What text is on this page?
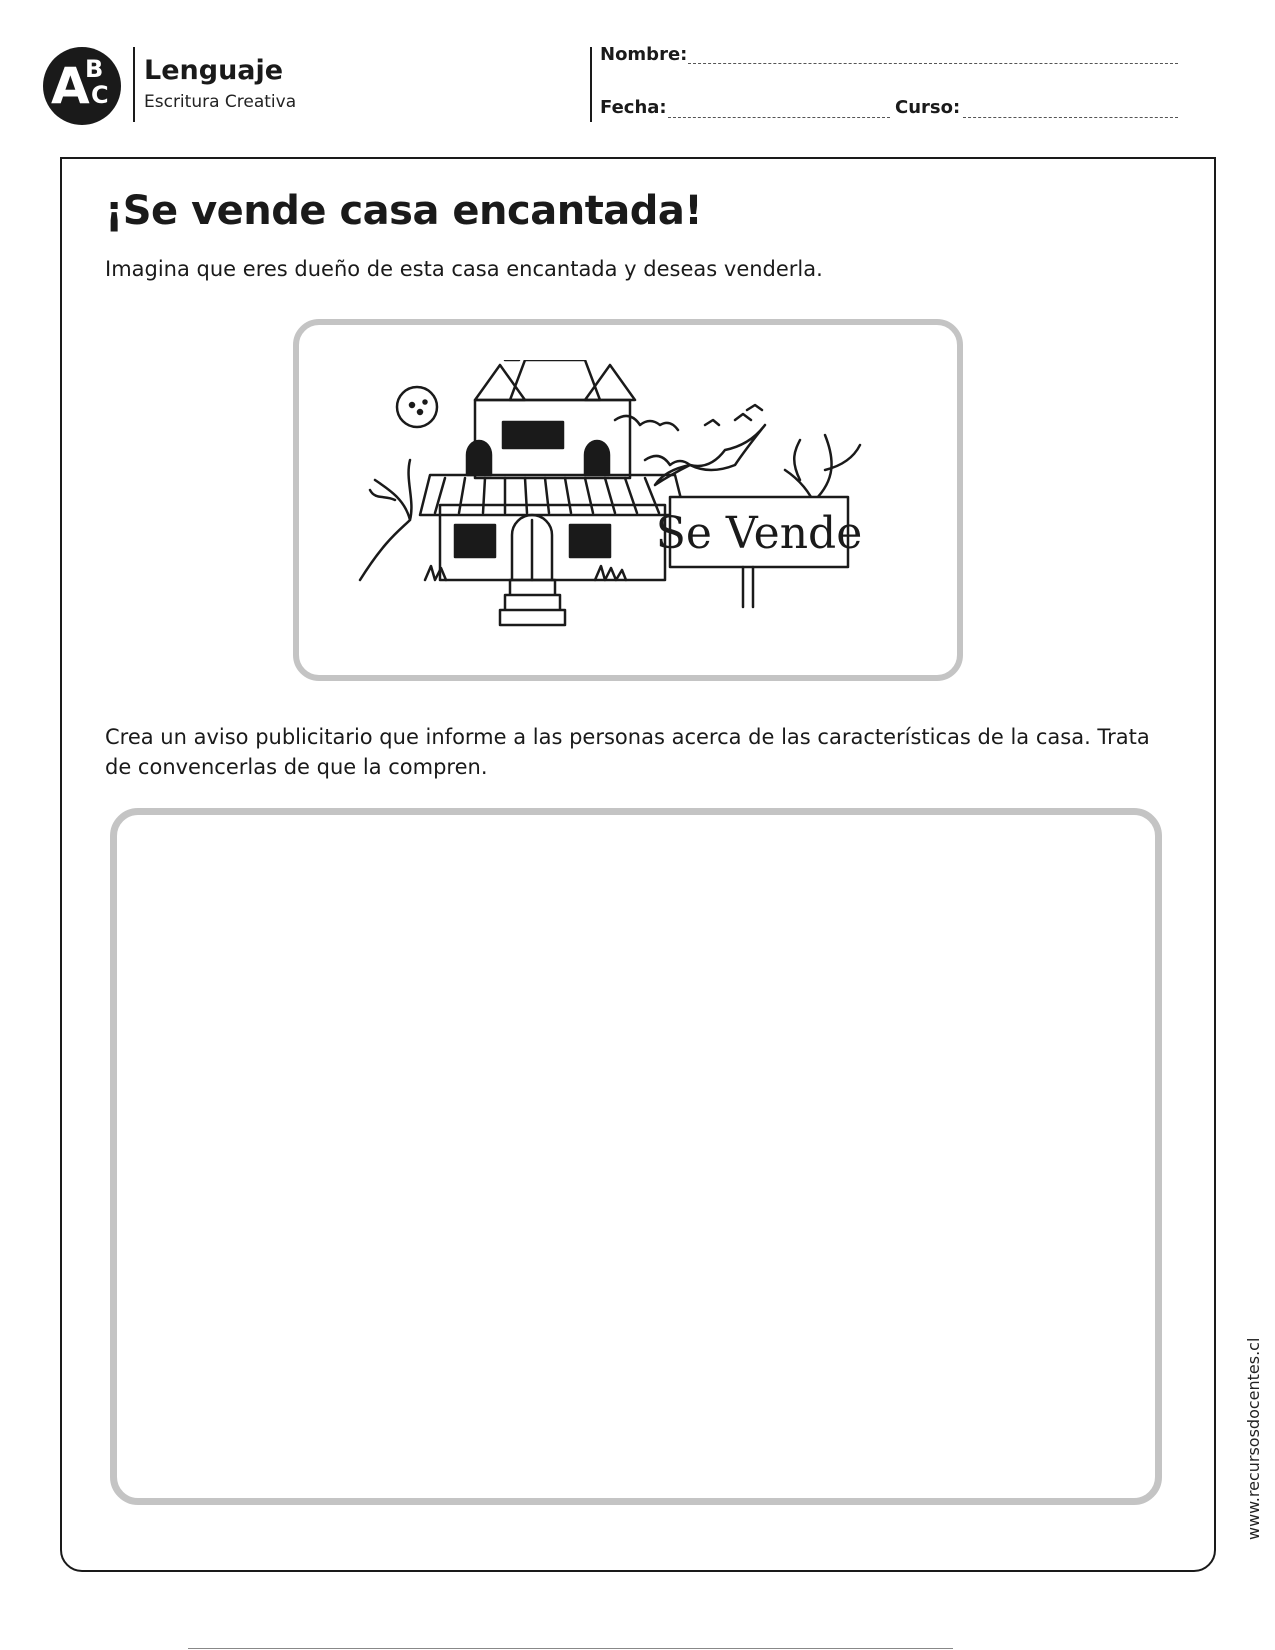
A
B
C
Lenguaje
Escritura Creativa
Nombre:
Fecha:	Curso:
¡Se vende casa encantada!
Imagina que eres dueño de esta casa encantada y deseas venderla.
Se Vende
Crea un aviso publicitario que informe a las personas acerca de las características de la casa. Trata de convencerlas de que la compren.
www.recursosdocentes.cl
